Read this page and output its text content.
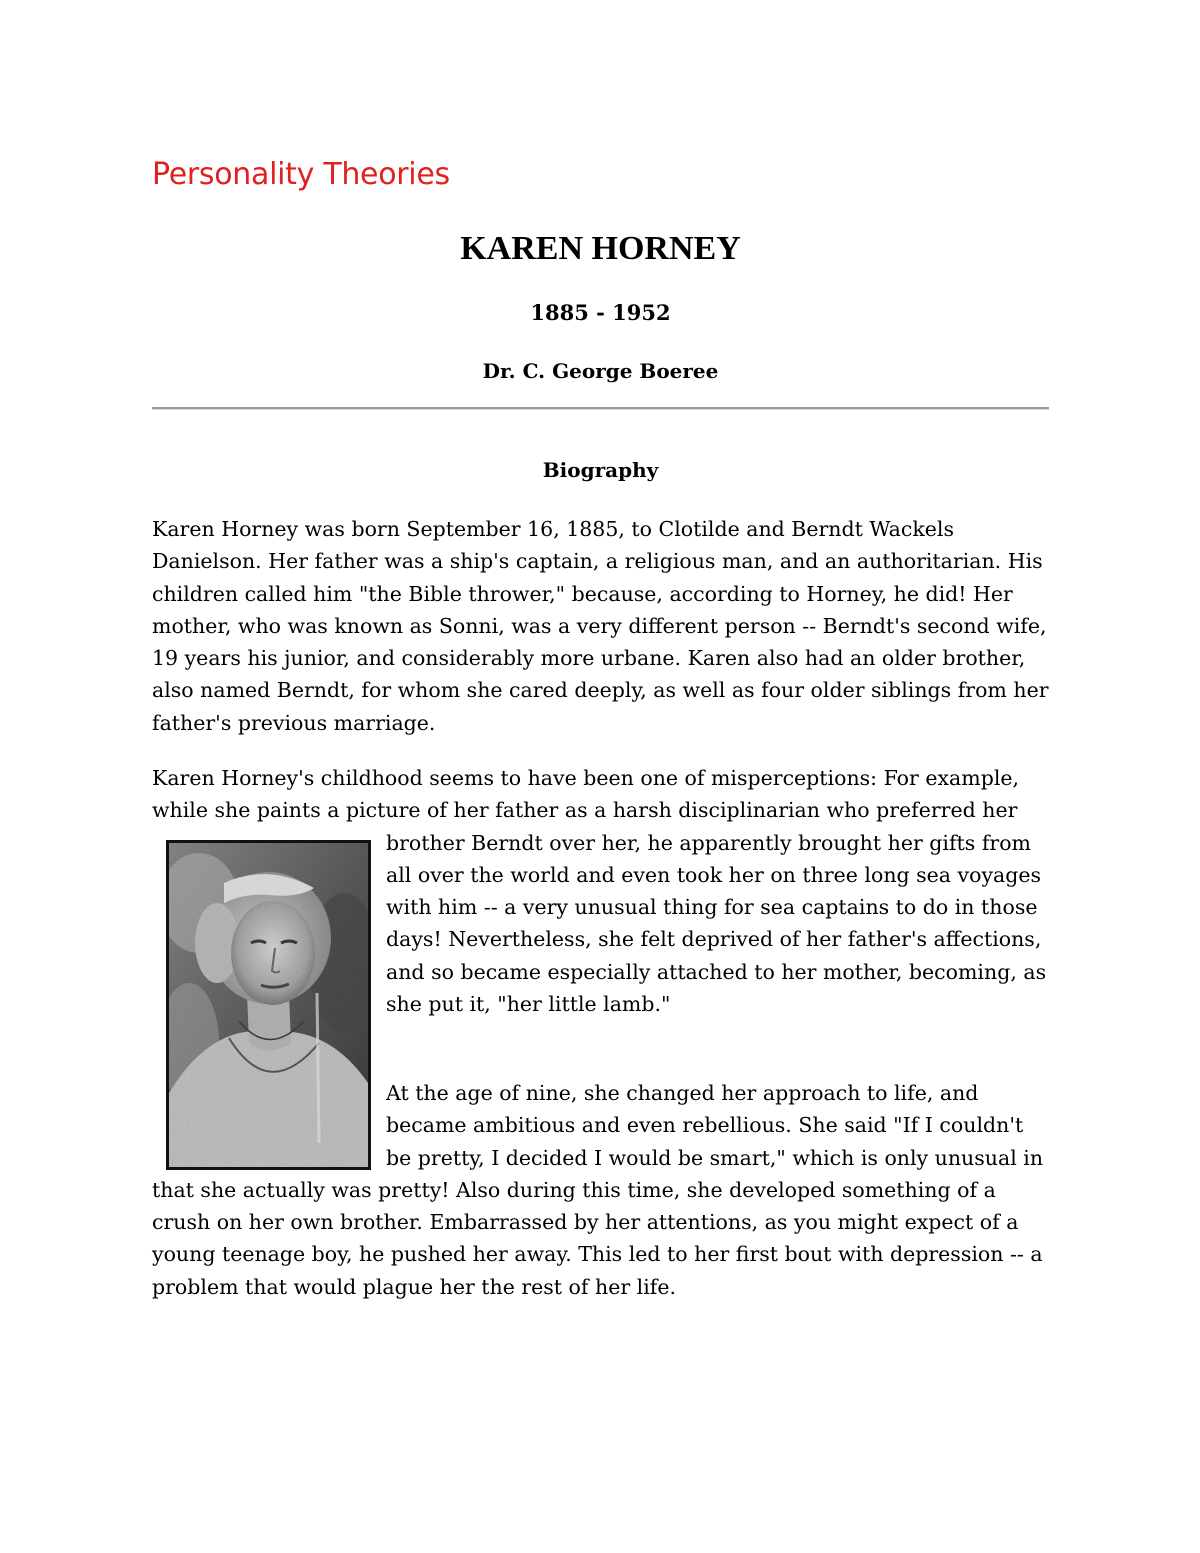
Personality Theories
KAREN HORNEY
1885 - 1952
Dr. C. George Boeree
Biography

Karen Horney was born September 16, 1885, to Clotilde and Berndt Wackels Danielson. Her father was a ship's captain, a religious man, and an authoritarian. His children called him "the Bible thrower," because, according to Horney, he did! Her mother, who was known as Sonni, was a very different person -- Berndt's second wife, 19 years his junior, and considerably more urbane. Karen also had an older brother, also named Berndt, for whom she cared deeply, as well as four older siblings from her father's previous marriage.

Karen Horney's childhood seems to have been one of misperceptions: For example, while she paints a picture of her father as a harsh disciplinarian who preferred her brother Berndt over her, he apparently brought her gifts from all over the world and even took her on three long sea voyages with him -- a very unusual thing for sea captains to do in those days! Nevertheless, she felt deprived of her father's affections, and so became especially attached to her mother, becoming, as she put it, "her little lamb."

At the age of nine, she changed her approach to life, and became ambitious and even rebellious. She said "If I couldn't be pretty, I decided I would be smart," which is only unusual in that she actually was pretty! Also during this time, she developed something of a crush on her own brother. Embarrassed by her attentions, as you might expect of a young teenage boy, he pushed her away. This led to her first bout with depression -- a problem that would plague her the rest of her life.
